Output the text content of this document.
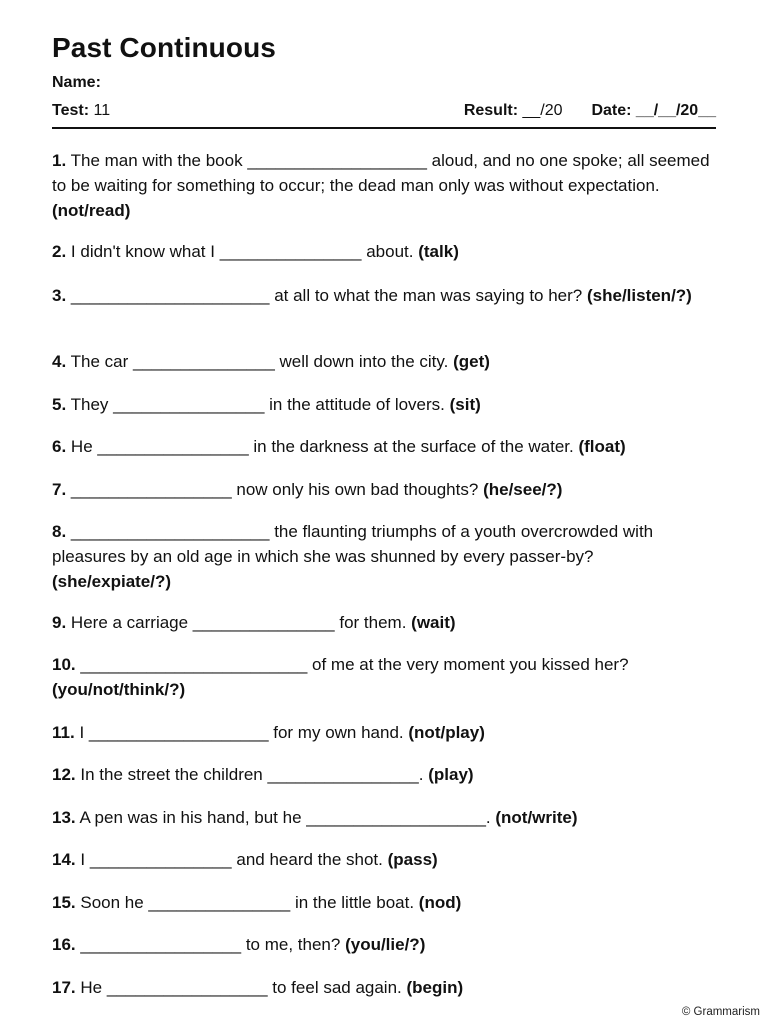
Past Continuous
Name:
Test: 11	Result: __/20 Date: __/__/20__
1. The man with the book ___________________ aloud, and no one spoke; all seemed to be waiting for something to occur; the dead man only was without expectation. (not/read)
2. I didn't know what I _______________ about. (talk)
3. _____________________ at all to what the man was saying to her? (she/listen/?)
4. The car _______________ well down into the city. (get)
5. They ________________ in the attitude of lovers. (sit)
6. He ________________ in the darkness at the surface of the water. (float)
7. _________________ now only his own bad thoughts? (he/see/?)
8. _____________________ the flaunting triumphs of a youth overcrowded with pleasures by an old age in which she was shunned by every passer-by? (she/expiate/?)
9. Here a carriage _______________ for them. (wait)
10. ________________________ of me at the very moment you kissed her? (you/not/think/?)
11. I ___________________ for my own hand. (not/play)
12. In the street the children ________________. (play)
13. A pen was in his hand, but he ___________________. (not/write)
14. I _______________ and heard the shot. (pass)
15. Soon he _______________ in the little boat. (nod)
16. _________________ to me, then? (you/lie/?)
17. He _________________ to feel sad again. (begin)
© Grammarism
